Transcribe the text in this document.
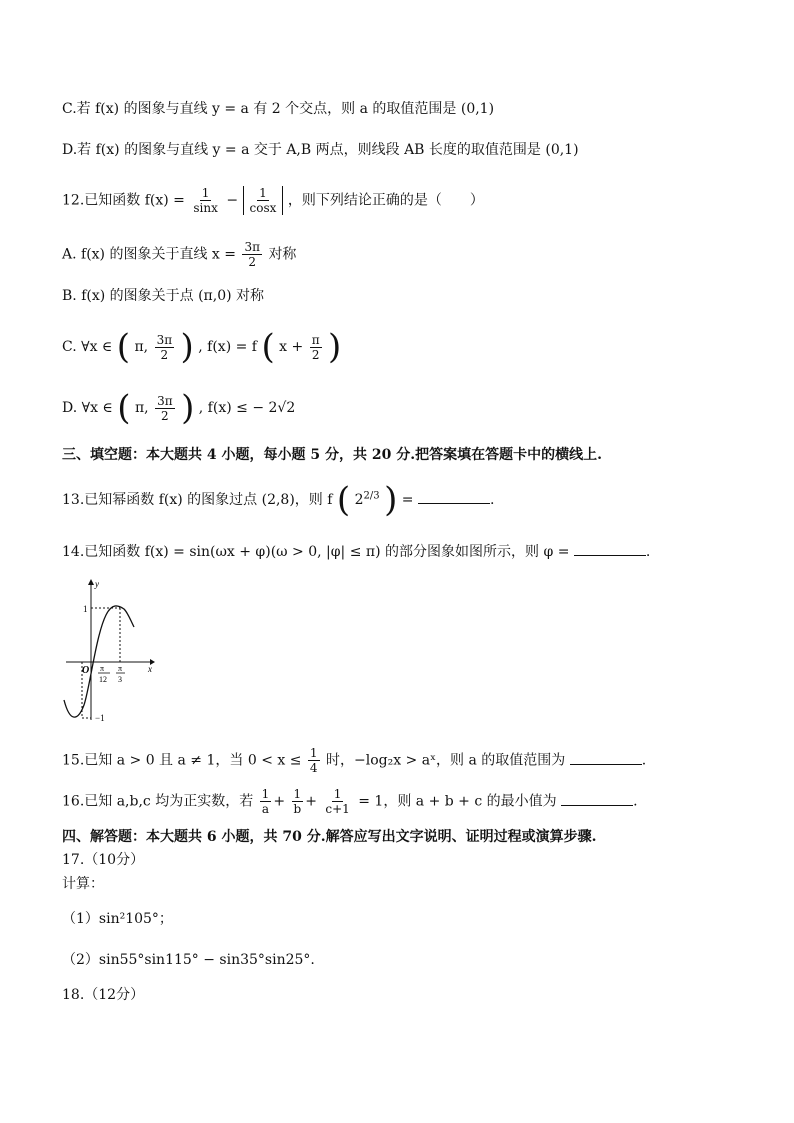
C.若 f(x) 的图象与直线 y = a 有 2 个交点，则 a 的取值范围是 (0,1)
D.若 f(x) 的图象与直线 y = a 交于 A,B 两点，则线段 AB 长度的取值范围是 (0,1)
12.已知函数 $f(x) = \frac{1}{\sin x} - \frac{1}{\cos x}$ ，则下列结论正确的是（　　）
A. f(x) 的图象关于直线 $x = \frac{3\pi}{2}$ 对称
B. f(x) 的图象关于点 (π,0) 对称
C. ∀x ∈ ( π, $\frac{3\pi}{2}$ ) , f(x) = f ( $x + \frac{\pi}{2}$ )
D. ∀x ∈ ( π, $\frac{3\pi}{2}$ ) , f(x) ≤ − 2√2
三、填空题：本大题共 4 小题，每小题 5 分，共 20 分.把答案填在答题卡中的横线上.
13.已知幂函数 f(x) 的图象过点 (2,8)，则 f ( $2^{2/3}$ ) =	.
14.已知函数 f(x) = sin(ωx + φ)(ω > 0, |φ| ≤ π) 的部分图象如图所示，则 φ =	.
y
x
O
1
−1
π
12
π
3
15.已知 a > 0 且 a ≠ 1，当 $0 < x \le \frac{1}{4}$ 时，−log₂x > aˣ，则 a 的取值范围为	.
16.已知 a,b,c 均为正实数，若 $\frac{1}{a} + \frac{1}{b} + \frac{1}{c+1} = 1$，则 a + b + c 的最小值为	.
四、解答题：本大题共 6 小题，共 70 分.解答应写出文字说明、证明过程或演算步骤.
17.（10分）
计算：
（1）sin²105°；
（2）sin55°sin115° − sin35°sin25°.
18.（12分）
